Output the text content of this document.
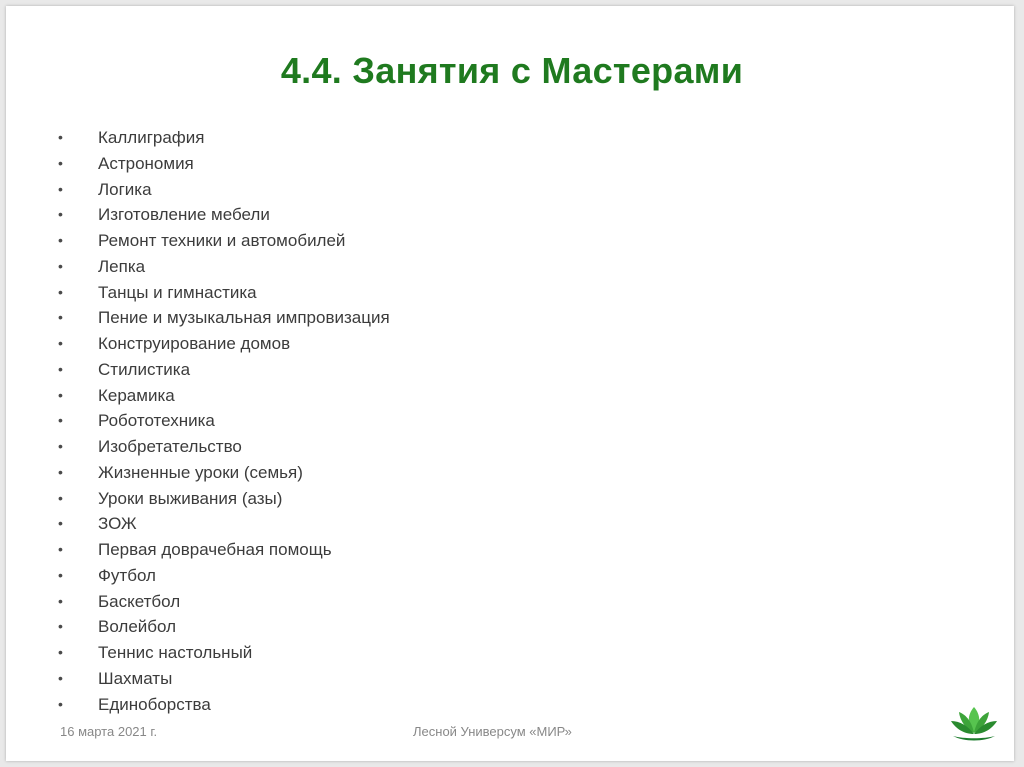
4.4. Занятия с Мастерами
• Каллиграфия
• Астрономия
• Логика
• Изготовление мебели
• Ремонт техники и автомобилей
• Лепка
• Танцы и гимнастика
• Пение и музыкальная импровизация
• Конструирование домов
• Стилистика
• Керамика
• Робототехника
• Изобретательство
• Жизненные уроки (семья)
• Уроки выживания (азы)
• ЗОЖ
• Первая доврачебная помощь
• Футбол
• Баскетбол
• Волейбол
• Теннис настольный
• Шахматы
• Единоборства
16 марта 2021 г.	Лесной Универсум «МИР»
